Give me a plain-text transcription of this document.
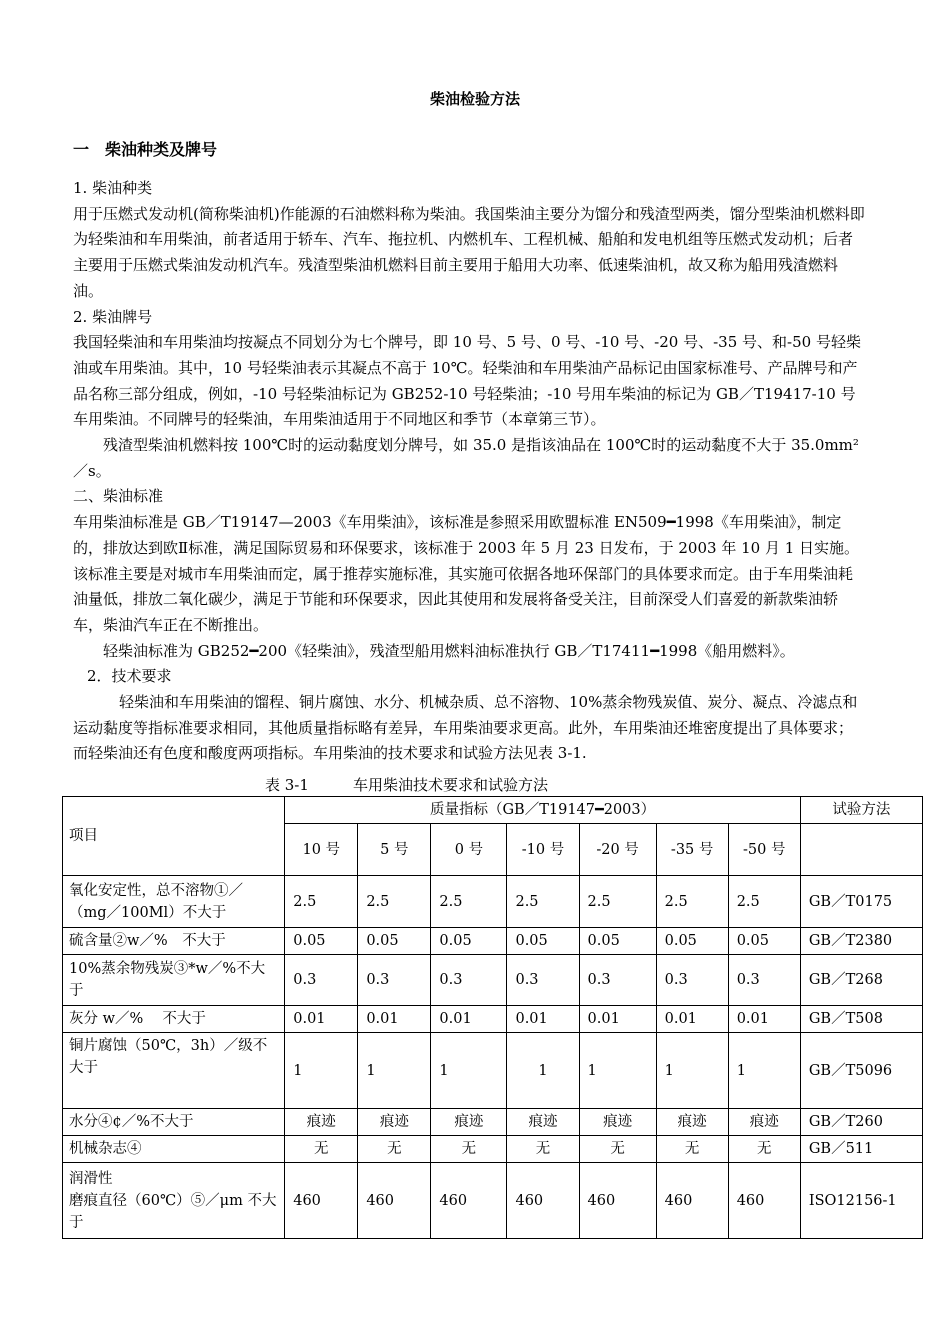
柴油检验方法
一 柴油种类及牌号

1. 柴油种类

用于压燃式发动机(简称柴油机)作能源的石油燃料称为柴油。我国柴油主要分为馏分和残渣型两类，馏分型柴油机燃料即为轻柴油和车用柴油，前者适用于轿车、汽车、拖拉机、内燃机车、工程机械、船舶和发电机组等压燃式发动机；后者主要用于压燃式柴油发动机汽车。残渣型柴油机燃料目前主要用于船用大功率、低速柴油机，故又称为船用残渣燃料油。

2. 柴油牌号

我国轻柴油和车用柴油均按凝点不同划分为七个牌号，即 10 号、5 号、0 号、-10 号、-20 号、-35 号、和-50 号轻柴油或车用柴油。其中，10 号轻柴油表示其凝点不高于 10℃。轻柴油和车用柴油产品标记由国家标准号、产品牌号和产品名称三部分组成，例如，-10 号轻柴油标记为 GB252-10 号轻柴油；-10 号用车柴油的标记为 GB／T19417-10 号车用柴油。不同牌号的轻柴油，车用柴油适用于不同地区和季节（本章第三节）。

残渣型柴油机燃料按 100℃时的运动黏度划分牌号，如 35.0 是指该油品在 100℃时的运动黏度不大于 35.0mm²／s。

二、柴油标准

车用柴油标准是 GB／T19147—2003《车用柴油》，该标准是参照采用欧盟标准 EN509━1998《车用柴油》，制定的，排放达到欧Ⅱ标准，满足国际贸易和环保要求，该标准于 2003 年 5 月 23 日发布，于 2003 年 10 月 1 日实施。该标准主要是对城市车用柴油而定，属于推荐实施标准，其实施可依据各地环保部门的具体要求而定。由于车用柴油耗油量低，排放二氧化碳少，满足于节能和环保要求，因此其使用和发展将备受关注，目前深受人们喜爱的新款柴油轿车，柴油汽车正在不断推出。

轻柴油标准为 GB252━200《轻柴油》，残渣型船用燃料油标准执行 GB／T17411━1998《船用燃料》。

2．技术要求

轻柴油和车用柴油的馏程、铜片腐蚀、水分、机械杂质、总不溶物、10%蒸余物残炭值、炭分、凝点、冷滤点和运动黏度等指标准要求相同，其他质量指标略有差异，车用柴油要求更高。此外，车用柴油还堆密度提出了具体要求；而轻柴油还有色度和酸度两项指标。车用柴油的技术要求和试验方法见表 3-1.

表 3-1	车用柴油技术要求和试验方法
项目	质量指标（GB／T19147━2003）							试验方法
	10 号	5 号	0 号	-10 号	-20 号	-35 号	-50 号	
氧化安定性，总不溶物①／（mg／100Ml）不大于	2.5	2.5	2.5	2.5	2.5	2.5	2.5	GB／T0175
硫含量②w／%　不大于	0.05	0.05	0.05	0.05	0.05	0.05	0.05	GB／T2380
10%蒸余物残炭③*w／%不大于	0.3	0.3	0.3	0.3	0.3	0.3	0.3	GB／T268
灰分 w／%　 不大于	0.01	0.01	0.01	0.01	0.01	0.01	0.01	GB／T508
铜片腐蚀（50℃，3h）／级不大于	1	1	1	1	1	1	1	GB／T5096
水分④¢／%不大于	痕迹	痕迹	痕迹	痕迹	痕迹	痕迹	痕迹	GB／T260
机械杂志④	无	无	无	无	无	无	无	GB／511
润滑性
磨痕直径（60℃）⑤／μm 不大于	460	460	460	460	460	460	460	ISO12156-1
